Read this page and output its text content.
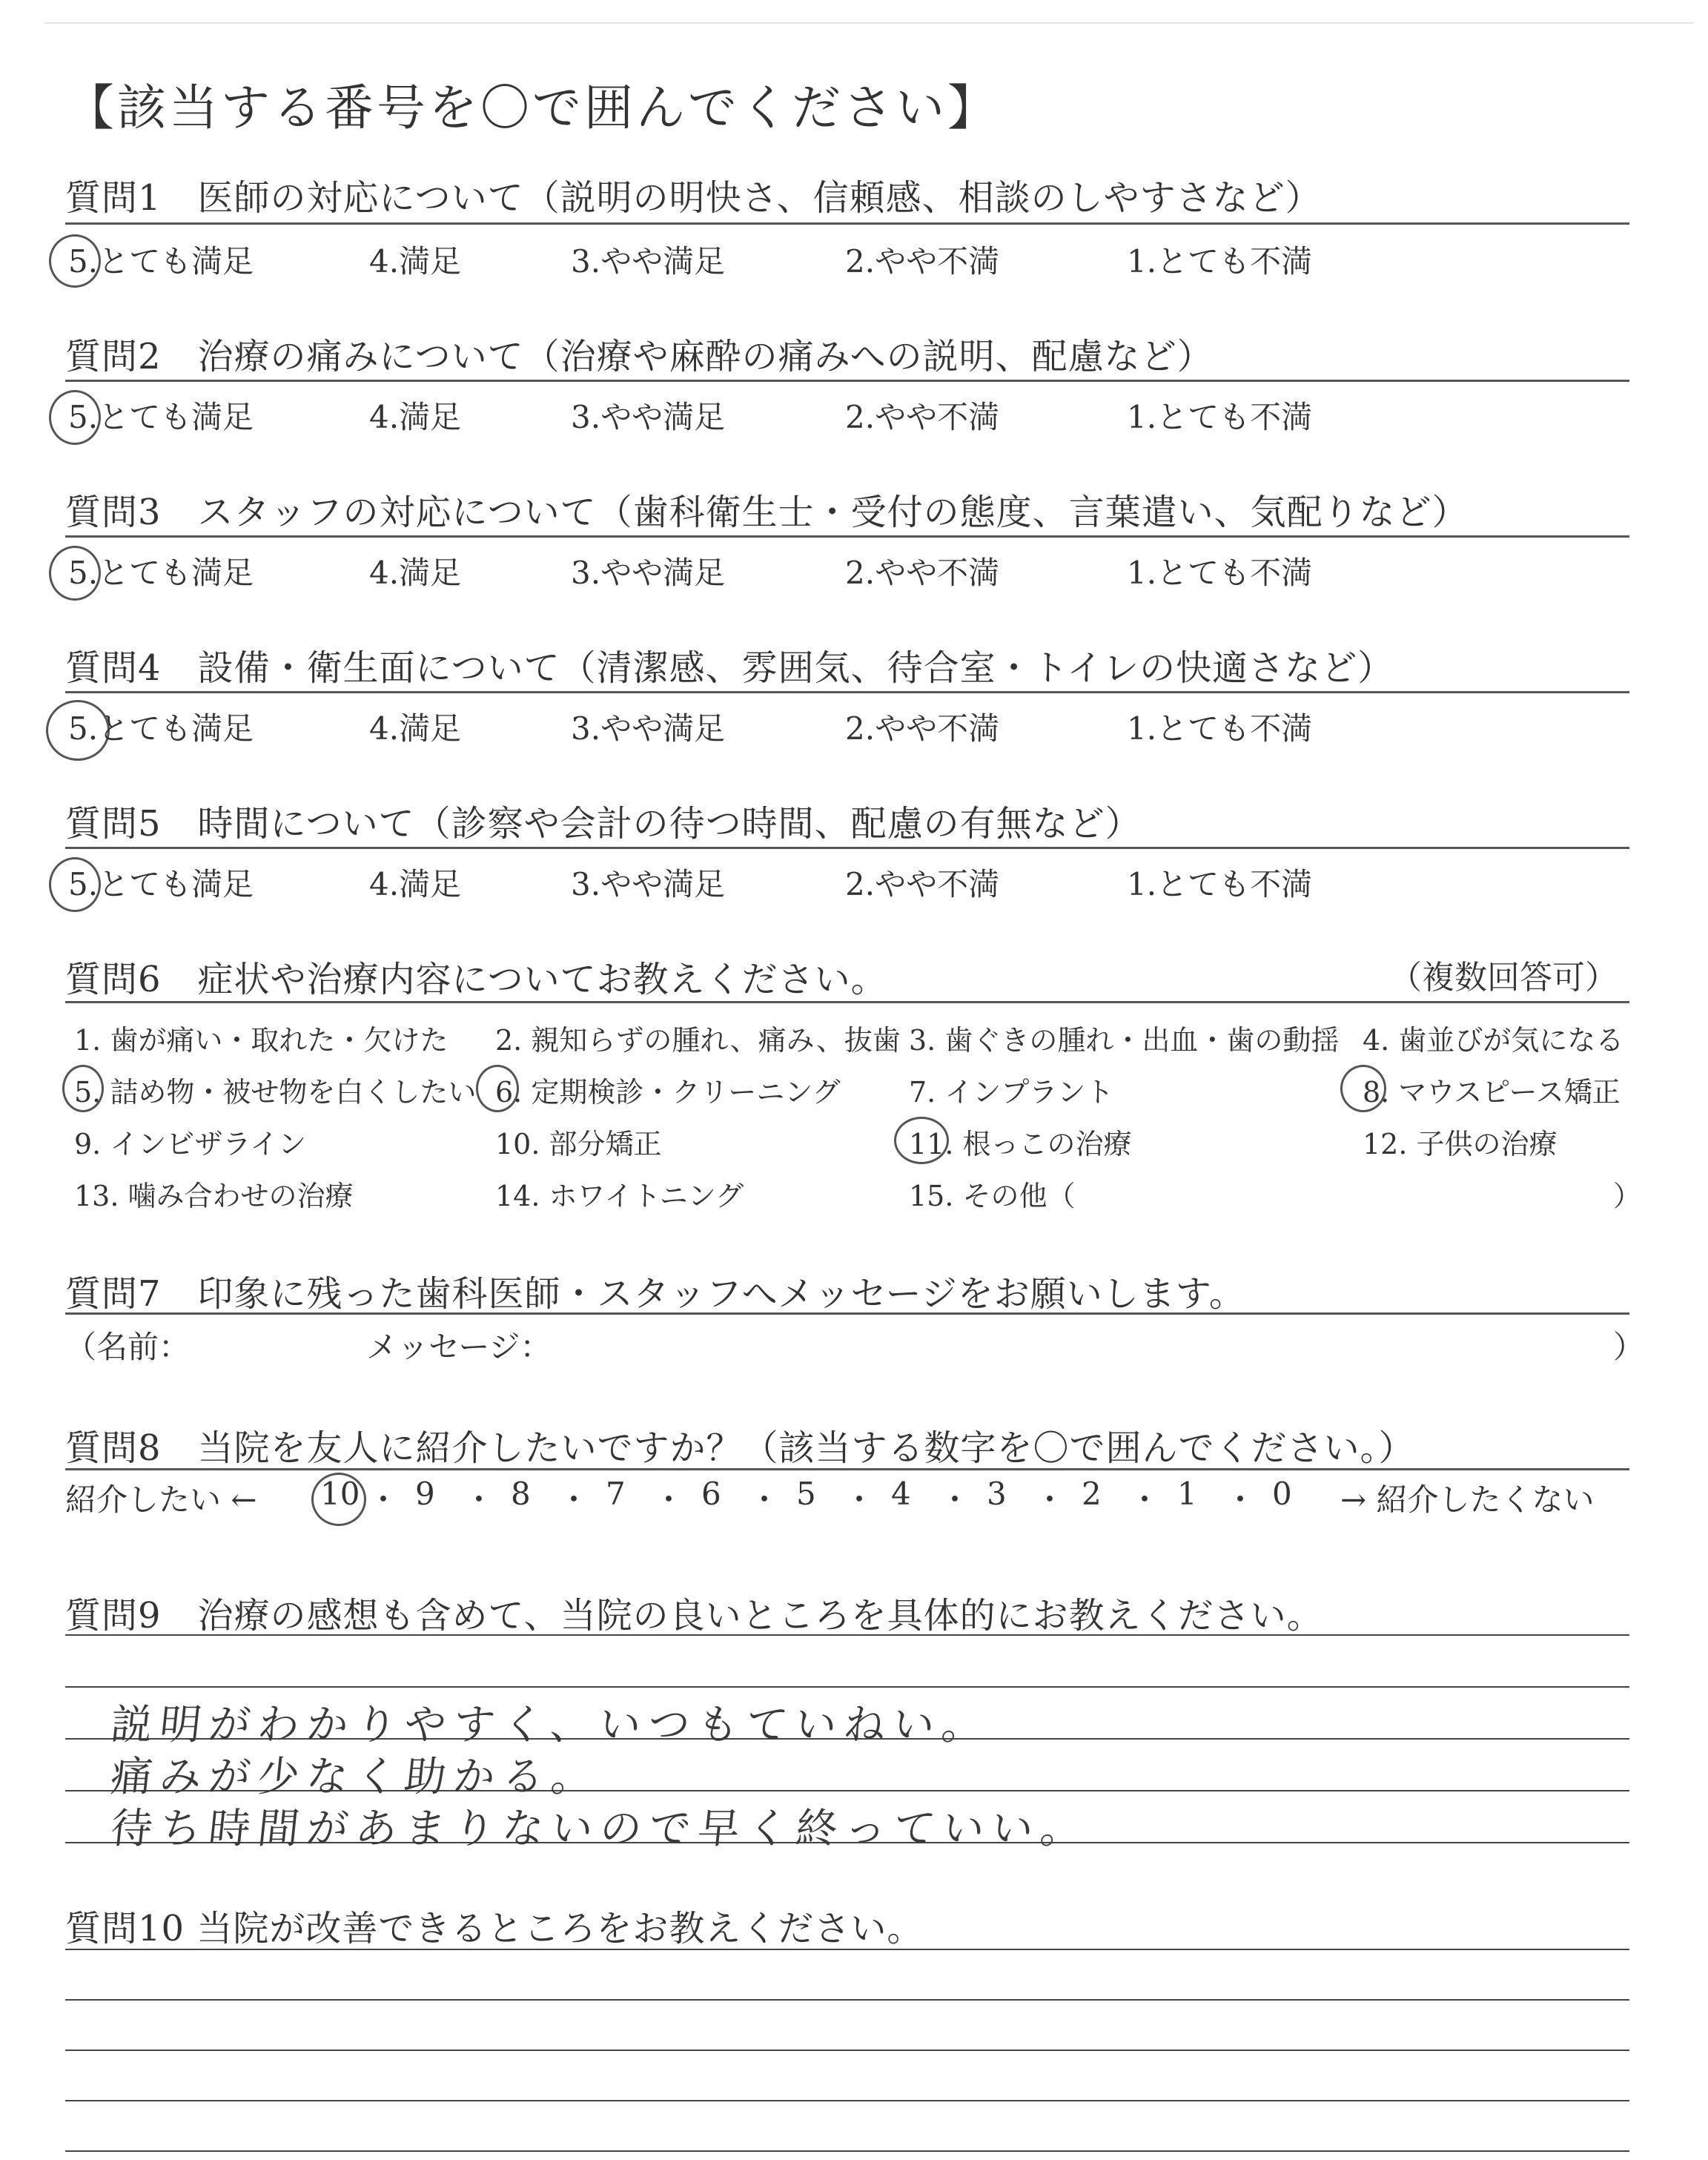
【該当する番号を〇で囲んでください】
質問1　医師の対応について（説明の明快さ、信頼感、相談のしやすさなど）
5.とても満足	4.満足	3.やや満足	2.やや不満	1.とても不満
質問2　治療の痛みについて（治療や麻酔の痛みへの説明、配慮など）
5.とても満足	4.満足	3.やや満足	2.やや不満	1.とても不満
質問3　スタッフの対応について（歯科衛生士・受付の態度、言葉遣い、気配りなど）
5.とても満足	4.満足	3.やや満足	2.やや不満	1.とても不満
質問4　設備・衛生面について（清潔感、雰囲気、待合室・トイレの快適さなど）
5.とても満足	4.満足	3.やや満足	2.やや不満	1.とても不満
質問5　時間について（診察や会計の待つ時間、配慮の有無など）
5.とても満足	4.満足	3.やや満足	2.やや不満	1.とても不満
質問6　症状や治療内容についてお教えください。	（複数回答可）
1. 歯が痛い・取れた・欠けた 2. 親知らずの腫れ、痛み、抜歯 3. 歯ぐきの腫れ・出血・歯の動揺 4. 歯並びが気になる
5. 詰め物・被せ物を白くしたい 6. 定期検診・クリーニング 7. インプラント	8. マウスピース矯正
9. インビザライン	10. 部分矯正	11. 根っこの治療	12. 子供の治療
13. 噛み合わせの治療	14. ホワイトニング	15. その他（	）
質問7　印象に残った歯科医師・スタッフへメッセージをお願いします。
（名前：	メッセージ：	）
質問8　当院を友人に紹介したいですか？（該当する数字を〇で囲んでください。）
紹介したい ← 10 ・ 9 ・ 8 ・ 7 ・ 6 ・ 5 ・ 4 ・ 3 ・ 2 ・ 1 ・ 0 → 紹介したくない
質問9　治療の感想も含めて、当院の良いところを具体的にお教えください。
説明がわかりやすく、いつもていねい。
痛みが少なく助かる。
待ち時間があまりないので早く終っていい。
質問10 当院が改善できるところをお教えください。
